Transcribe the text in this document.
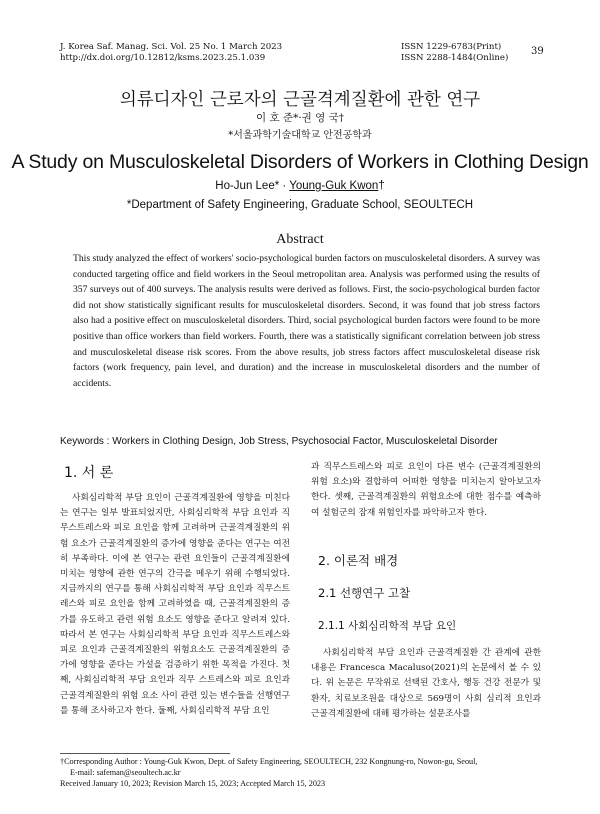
J. Korea Saf. Manag. Sci. Vol. 25 No. 1 March 2023
http://dx.doi.org/10.12812/ksms.2023.25.1.039
ISSN 1229-6783(Print)
ISSN 2288-1484(Online)
39
의류디자인 근로자의 근골격계질환에 관한 연구
이 호 준*·권 영 국†
*서울과학기술대학교 안전공학과
A Study on Musculoskeletal Disorders of Workers in Clothing Design
Ho-Jun Lee* · Young-Guk Kwon†
*Department of Safety Engineering, Graduate School, SEOULTECH
Abstract
This study analyzed the effect of workers' socio-psychological burden factors on musculoskeletal disorders. A survey was conducted targeting office and field workers in the Seoul metropolitan area. Analysis was performed using the results of 357 surveys out of 400 surveys. The analysis results were derived as follows. First, the socio-psychological burden factor did not show statistically significant results for musculoskeletal disorders. Second, it was found that job stress factors also had a positive effect on musculoskeletal disorders. Third, social psychological burden factors were found to be more positive than office workers than field workers. Fourth, there was a statistically significant correlation between job stress and musculoskeletal disease risk scores. From the above results, job stress factors affect musculoskeletal disease risk factors (work frequency, pain level, and duration) and the increase in musculoskeletal disorders and the number of accidents.
Keywords : Workers in Clothing Design, Job Stress, Psychosocial Factor, Musculoskeletal Disorder
1. 서 론
사회심리학적 부담 요인이 근골격계질환에 영향을 미친다는 연구는 일부 발표되었지만, 사회심리학적 부담 요인과 직무스트레스와 피로 요인을 함께 고려하며 근골격계질환의 위험 요소가 근골격계질환의 증가에 영향을 준다는 연구는 여전히 부족하다. 이에 본 연구는 관련 요인들이 근골격계질환에 미치는 영향에 관한 연구의 간극을 메우기 위해 수행되었다. 지금까지의 연구를 통해 사회심리학적 부담 요인과 직무스트레스와 피로 요인을 함께 고려하였을 때, 근골격계질환의 증가를 유도하고 관련 위험 요소도 영향을 준다고 알려져 있다. 따라서 본 연구는 사회심리학적 부담 요인과 직무스트레스와 피로 요인과 근골격계질환의 위험요소도 근골격계질환의 증가에 영향을 준다는 가설을 검증하기 위한 목적을 가진다. 첫째, 사회심리학적 부담 요인과 직무 스트레스와 피로 요인과 근골격계질환의 위험 요소 사이 관련 있는 변수들을 선행연구를 통해 조사하고자 한다. 둘째, 사회심리학적 부담 요인
과 직무스트레스와 피로 요인이 다른 변수 (근골격계질환의 위험 요소)와 결합하여 어떠한 영향을 미치는지 알아보고자 한다. 셋째, 근골격계질환의 위험요소에 대한 점수를 예측하여 설험군의 잠재 위험인자를 파악하고자 한다.
2. 이론적 배경
2.1 선행연구 고찰
2.1.1 사회심리학적 부담 요인
사회심리학적 부담 요인과 근골격계질환 간 관계에 관한 내용은 Francesca Macaluso(2021)의 논문에서 볼 수 있다. 위 논문은 무작위로 선택된 간호사, 행동 건강 전문가 및 환자, 치료보조원을 대상으로 569명이 사회 심리적 요인과 근골격계질환에 대해 평가하는 설문조사를
†Corresponding Author : Young-Guk Kwon, Dept. of Safety Engineering, SEOULTECH, 232 Kongnung-ro, Nowon-gu, Seoul,
E-mail: safeman@seoultech.ac.kr
Received January 10, 2023; Revision March 15, 2023; Accepted March 15, 2023
